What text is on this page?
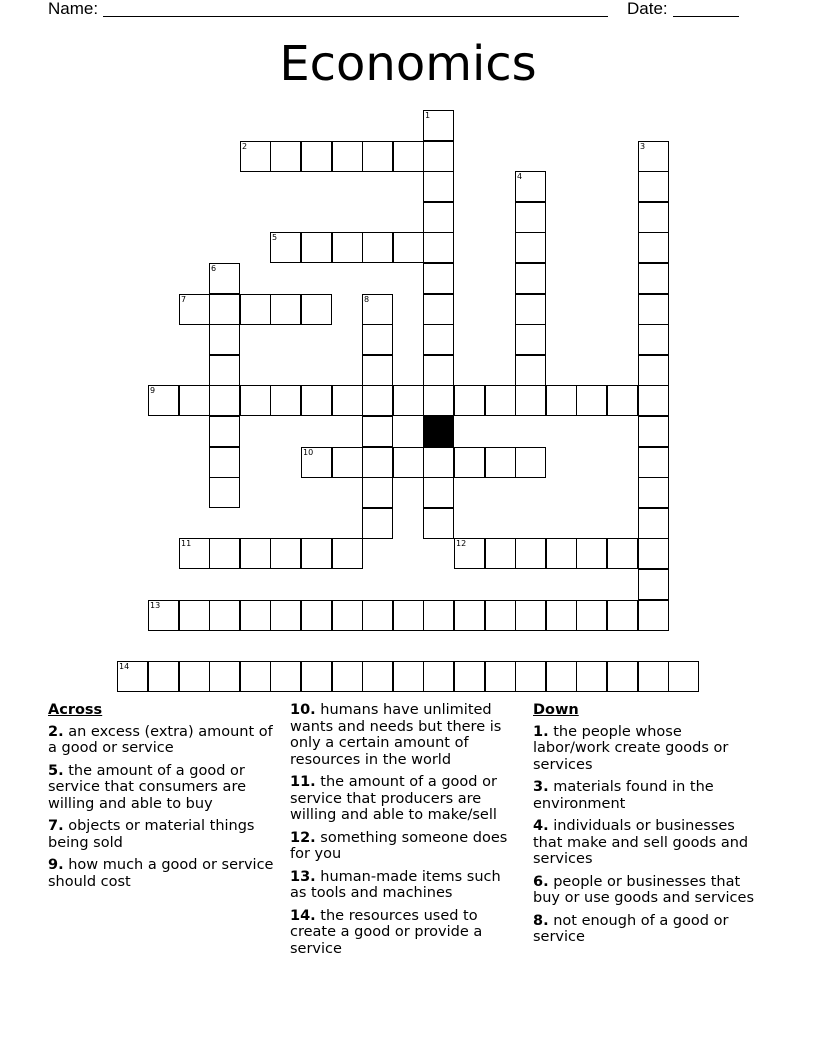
Name:	Date:
Economics
1
2	3
4
5
6
7	8
9
10
11	12
13
14
Across
2. an excess (extra) amount of a good or service
5. the amount of a good or service that consumers are willing and able to buy
7. objects or material things being sold
9. how much a good or service should cost
10. humans have unlimited wants and needs but there is only a certain amount of resources in the world
11. the amount of a good or service that producers are willing and able to make/sell
12. something someone does for you
13. human-made items such as tools and machines
14. the resources used to create a good or provide a service
Down
1. the people whose labor/work create goods or services
3. materials found in the environment
4. individuals or businesses that make and sell goods and services
6. people or businesses that buy or use goods and services
8. not enough of a good or service
